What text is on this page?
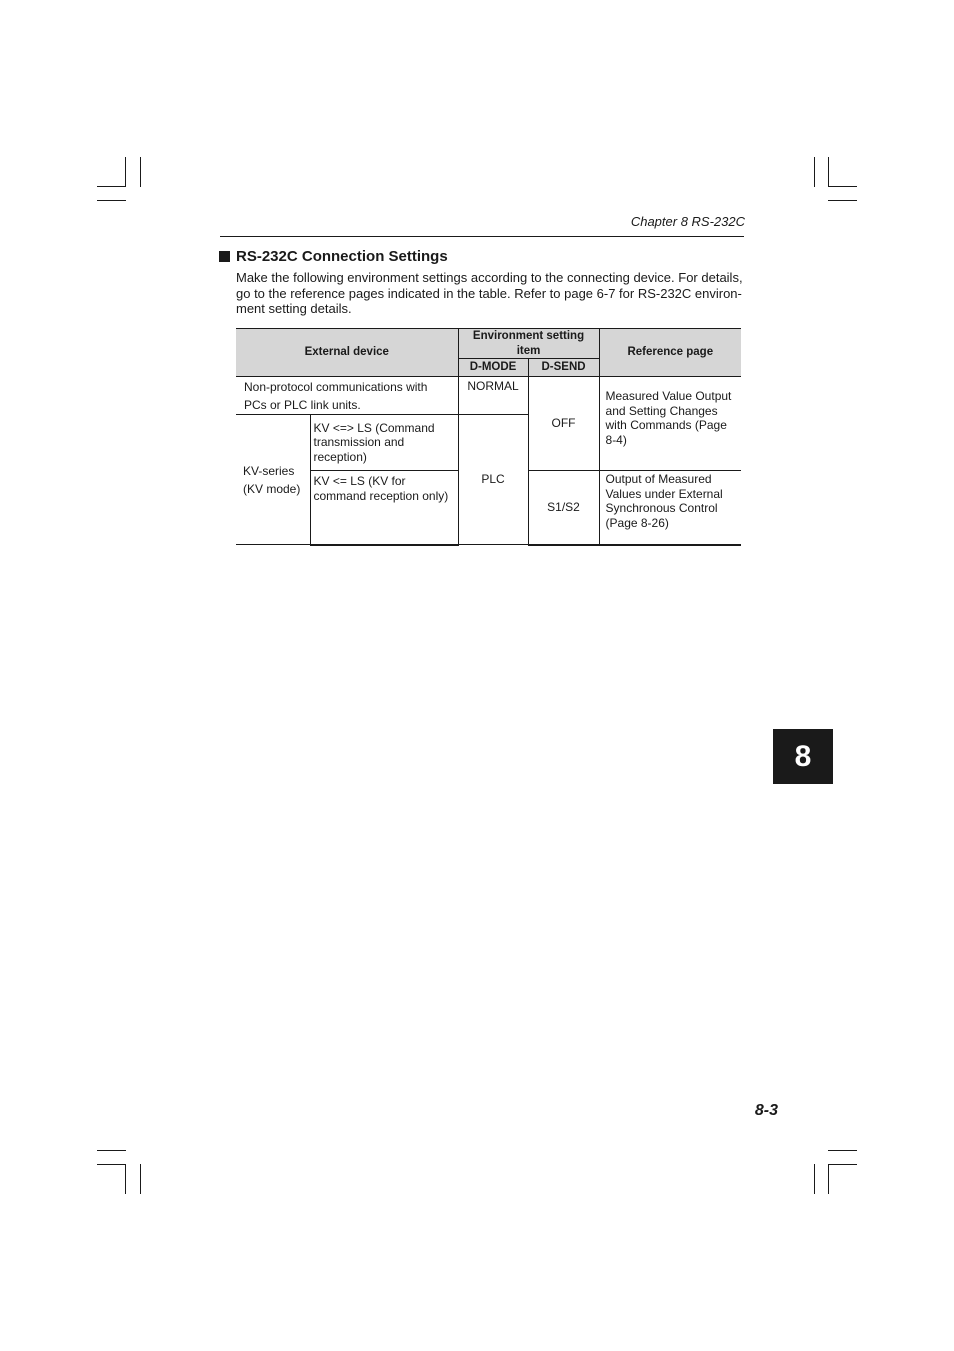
Chapter 8 RS-232C
RS-232C Connection Settings
Make the following environment settings according to the connecting device. For details, go to the reference pages indicated in the table. Refer to page 6-7 for RS-232C environ-ment setting details.
External device		Environment setting item		Reference page
		D-MODE	D-SEND	
Non-protocol communications with PCs or PLC link units.		NORMAL	OFF	Measured Value Output and Setting Changes with Commands (Page 8-4)
KV-series (KV mode)	KV <=> LS (Command transmission and reception)	PLC		
	KV <= LS (KV for command reception only)		S1/S2	Output of Measured Values under External Synchronous Control (Page 8-26)
8
8-3
